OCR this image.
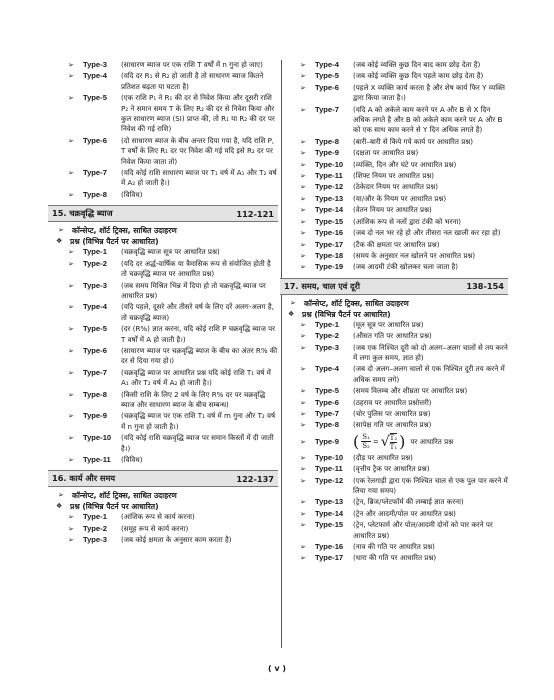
➢	Type-3	(साधारण ब्याज पर एक राशि T वर्षों में n गुना हो जाए)
➢	Type-4	(यदि दर R₁ से R₂ हो जाती है तो साधारण ब्याज कितने प्रतिशत बढ़ता या घटता है)
➢	Type-5	(एक राशि P₁ ने R₁ की दर से निवेश किया और दूसरी राशि P₂ ने समान समय T के लिए R₂ की दर से निवेश किया और कुल साधारण ब्याज (SI) प्राप्त की, तो R₁ या R₂ की दर पर निवेश की गई राशि)
➢	Type-6	(दो साधारण ब्याज के बीच अन्तर दिया गया है, यदि राशि P, T वर्षों के लिए R₁ दर पर निवेश की गई यदि इसे R₂ दर पर निवेश किया जाता तो)
➢	Type-7	(यदि कोई राशि साधारण ब्याज पर T₁ वर्ष में A₁ और T₂ वर्ष में A₂ हो जाती है।)
➢	Type-8	(विविध)
15. चक्रवृद्धि ब्याज	112-121
➢	कॉन्सेप्ट, शॉर्ट ट्रिक्स, साधित उदाहरण
❖	प्रश्न (विभिन्न पैटर्न पर आधारित)
➢	Type-1	(चक्रवृद्धि ब्याज सूत्र पर आधारित प्रश्न)
➢	Type-2	(यदि दर अर्द्ध-वार्षिक या त्रैमासिक रूप से संयोजित होती है तो चक्रवृद्धि ब्याज पर आधारित प्रश्न)
➢	Type-3	(जब समय मिश्रित भिन्न में दिया हो तो चक्रवृद्धि ब्याज पर आधारित प्रश्न)
➢	Type-4	(यदि पहले, दूसरे और तीसरे वर्ष के लिए दरें अलग-अलग है, तो चक्रवृद्धि ब्याज)
➢	Type-5	(दर (R%) ज्ञात करना, यदि कोई राशि P चक्रवृद्धि ब्याज पर T वर्षों में A हो जाती है।)
➢	Type-6	(साधारण ब्याज पर चक्रवृद्धि ब्याज के बीच का अंतर R% की दर से दिया गया हो।)
➢	Type-7	(चक्रवृद्धि ब्याज पर आधारित प्रश्न यदि कोई राशि T₁ वर्ष में A₁ और T₂ वर्ष में A₂ हो जाती है।)
➢	Type-8	(किसी राशि के लिए 2 वर्ष के लिए R% दर पर चक्रवृद्धि ब्याज और साधारण ब्याज के बीच सम्बन्ध)
➢	Type-9	(चक्रवृद्धि ब्याज पर एक राशि T₁ वर्ष में m गुना और T₂ वर्ष में n गुना हो जाती है।)
➢	Type-10	(यदि कोई राशि चक्रवृद्धि ब्याज पर समान किस्तों में दी जाती है।)
➢	Type-11	(विविध)
16. कार्य और समय	122-137
➢	कॉन्सेप्ट, शॉर्ट ट्रिक्स, साधित उदाहरण
❖	प्रश्न (विभिन्न पैटर्न पर आधारित)
➢	Type-1	(आंशिक रूप से कार्य करना)
➢	Type-2	(समूह रूप से कार्य करना)
➢	Type-3	(जब कोई क्षमता के अनुसार काम करता है)
➢	Type-4	(जब कोई व्यक्ति कुछ दिन बाद काम छोड़ देता है)
➢	Type-5	(जब कोई व्यक्ति कुछ दिन पहले काम छोड़ देता है)
➢	Type-6	(पहले X व्यक्ति कार्य करता है और शेष कार्य फिर Y व्यक्ति द्वारा किया जाता है।)
➢	Type-7	(यदि A को अकेले काम करने पर A और B से X दिन अधिक लगते है और B को अकेले काम करने पर A और B को एक साथ काम करने से Y दिन अधिक लगते है)
➢	Type-8	(बारी–बारी से किये गये कार्य पर आधारित प्रश्न)
➢	Type-9	(दक्षता पर आधारित प्रश्न)
➢	Type-10	(व्यक्ति, दिन और घंटे पर आधारित प्रश्न)
➢	Type-11	(शिफ्ट नियम पर आधारित प्रश्न)
➢	Type-12	(ठेकेदार नियम पर आधारित प्रश्न)
➢	Type-13	(या/और के नियम पर आधारित प्रश्न)
➢	Type-14	(वेतन नियम पर आधारित प्रश्न)
➢	Type-15	(आंशिक रूप से नलों द्वारा टंकी को भरना)
➢	Type-16	(जब दो नल भर रहे हो और तीसरा नल खाली कर रहा हो)
➢	Type-17	(टैंक की क्षमता पर आधारित प्रश्न)
➢	Type-18	(समय के अनुसार नल खोलने पर आधारित प्रश्न)
➢	Type-19	(जब आदमी टंकी खोलकर चला जाता है)
17. समय, चाल एवं दूरी	138-154
➢	कॉन्सेप्ट, शॉर्ट ट्रिक्स, साधित उदाहरण
❖	प्रश्न (विभिन्न पैटर्न पर आधारित)
➢	Type-1	(मूल सूत्र पर आधारित प्रश्न)
➢	Type-2	(औसत गति पर आधारित प्रश्न)
➢	Type-3	(जब एक निश्चित दूरी को दो अलग–अलग चालों से तय करने में लगा कुल समय, ज्ञात हो)
➢	Type-4	(जब दो अलग–अलग चालों से एक निश्चित दूरी तय करने में अधिक समय लगे)
➢	Type-5	(समय विलम्ब और शीघ्रता पर आधारित प्रश्न)
➢	Type-6	(ठहराव पर आधारित प्रश्नोत्तरी)
➢	Type-7	(चोर पुलिस पर आधारित प्रश्न)
➢	Type-8	(सापेक्ष गति पर आधारित प्रश्न)
➢	Type-9 ( $\frac{\text{S₁}}{\text{S₂}}$ = √ $\frac{\text{T₂}}{\text{T₁}}$ ) पर आधारित प्रश्न
➢	Type-10	(दौड़ पर आधारित प्रश्न)
➢	Type-11	(वृत्तीय ट्रैक पर आधारित प्रश्न)
➢	Type-12	(एक रेलगाड़ी द्वारा एक निश्चित चाल से एक पुल पार करने में लिया गया समय)
➢	Type-13	(ट्रेन, ब्रिज/प्लेटफॉर्म की लम्बाई ज्ञात करना)
➢	Type-14	(ट्रेन और आदमी/पोल पर आधारित प्रश्न)
➢	Type-15	(ट्रेन, प्लेटफार्म और पोल/आदमी दोनों को पार करने पर आधारित प्रश्न)
➢	Type-16	(नाव की गति पर आधारित प्रश्न)
➢	Type-17	(धारा की गति पर आधारित प्रश्न)
( v )
